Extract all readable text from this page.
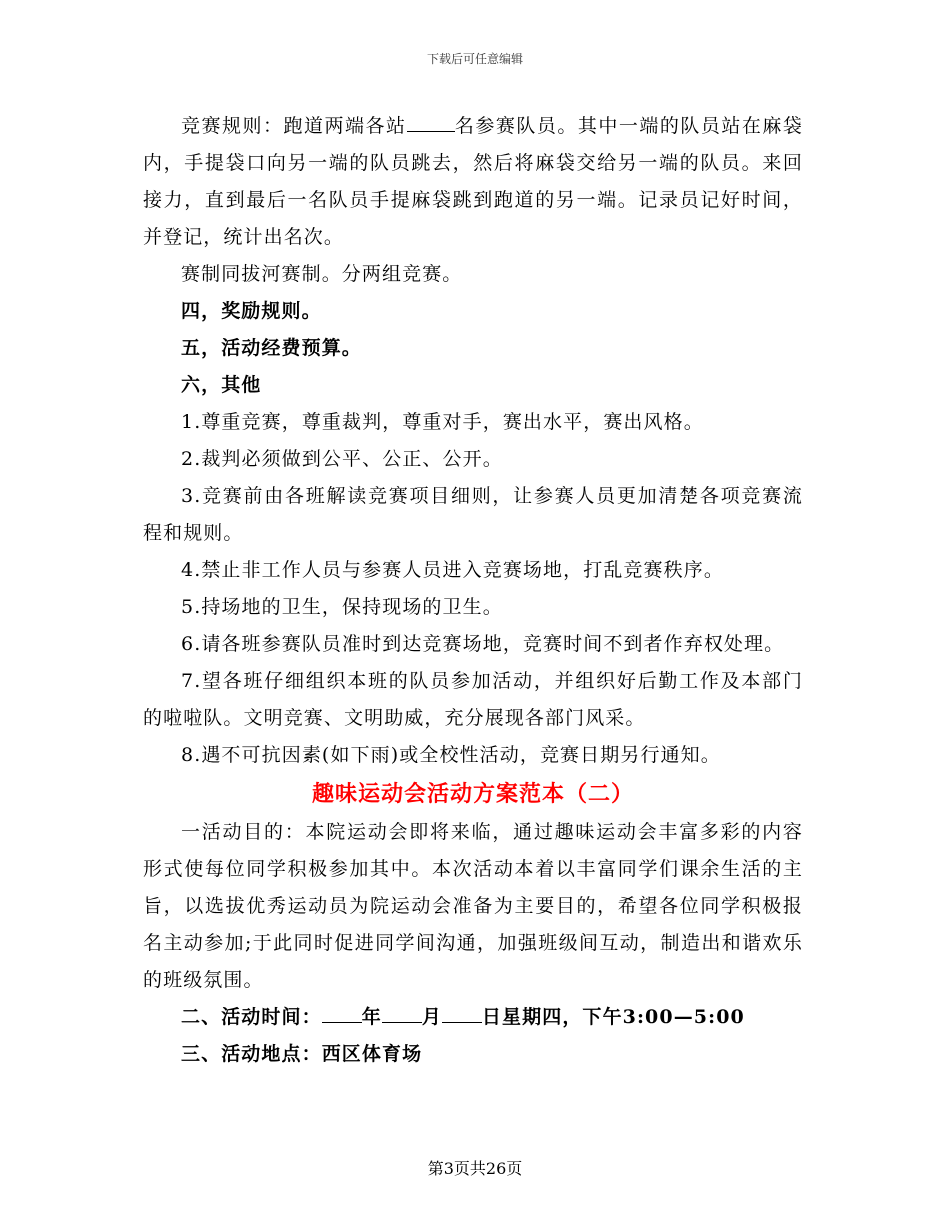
下载后可任意编辑

竞赛规则：跑道两端各站	名参赛队员。其中一端的队员站在麻袋内，手提袋口向另一端的队员跳去，然后将麻袋交给另一端的队员。来回接力，直到最后一名队员手提麻袋跳到跑道的另一端。记录员记好时间，并登记，统计出名次。

赛制同拔河赛制。分两组竞赛。

四，奖励规则。

五，活动经费预算。

六，其他

1.尊重竞赛，尊重裁判，尊重对手，赛出水平，赛出风格。

2.裁判必须做到公平、公正、公开。

3.竞赛前由各班解读竞赛项目细则，让参赛人员更加清楚各项竞赛流程和规则。

4.禁止非工作人员与参赛人员进入竞赛场地，打乱竞赛秩序。

5.持场地的卫生，保持现场的卫生。

6.请各班参赛队员准时到达竞赛场地，竞赛时间不到者作弃权处理。

7.望各班仔细组织本班的队员参加活动，并组织好后勤工作及本部门的啦啦队。文明竞赛、文明助威，充分展现各部门风采。

8.遇不可抗因素(如下雨)或全校性活动，竞赛日期另行通知。

趣味运动会活动方案范本（二）

一活动目的：本院运动会即将来临，通过趣味运动会丰富多彩的内容形式使每位同学积极参加其中。本次活动本着以丰富同学们课余生活的主旨，以选拔优秀运动员为院运动会准备为主要目的，希望各位同学积极报名主动参加;于此同时促进同学间沟通，加强班级间互动，制造出和谐欢乐的班级氛围。

二、活动时间： 年 月 日星期四，下午3:00—5:00

三、活动地点：西区体育场

第3页共26页
